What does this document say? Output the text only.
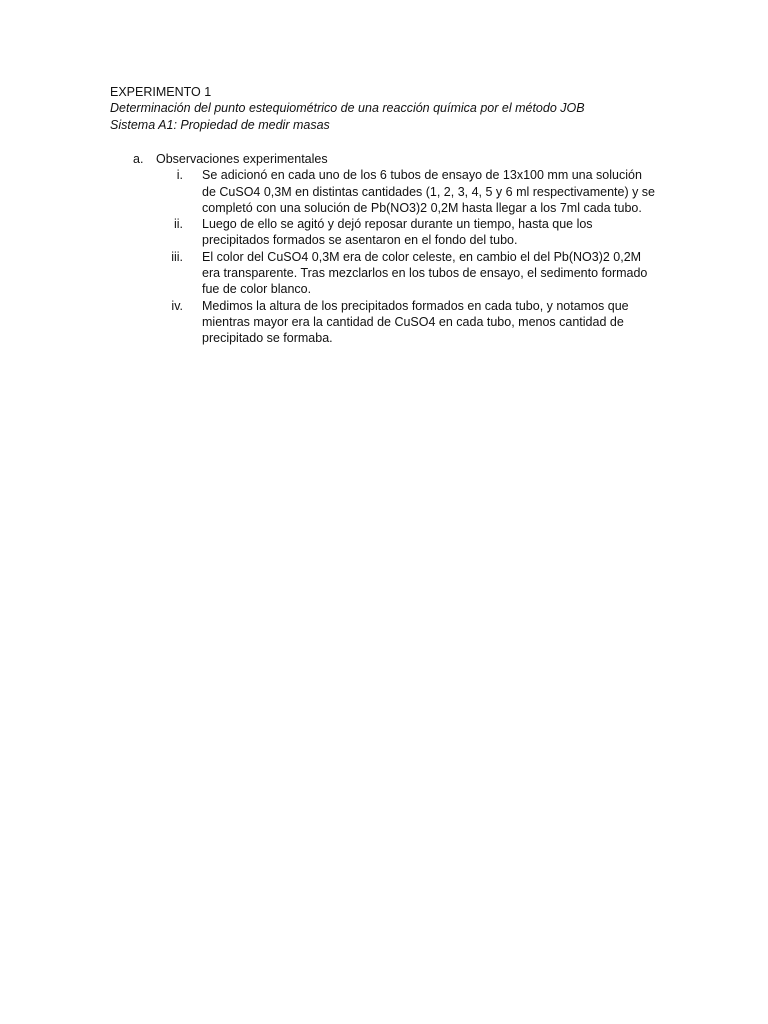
EXPERIMENTO 1

Determinación del punto estequiométrico de una reacción química por el método JOB

Sistema A1: Propiedad de medir masas

a.	Observaciones experimentales
i. Se adicionó en cada uno de los 6 tubos de ensayo de 13x100 mm una solución de CuSO4 0,3M en distintas cantidades (1, 2, 3, 4, 5 y 6 ml respectivamente) y se completó con una solución de Pb(NO3)2 0,2M hasta llegar a los 7ml cada tubo.
ii. Luego de ello se agitó y dejó reposar durante un tiempo, hasta que los precipitados formados se asentaron en el fondo del tubo.
iii. El color del CuSO4 0,3M era de color celeste, en cambio el del Pb(NO3)2 0,2M era transparente. Tras mezclarlos en los tubos de ensayo, el sedimento formado fue de color blanco.
iv. Medimos la altura de los precipitados formados en cada tubo, y notamos que mientras mayor era la cantidad de CuSO4 en cada tubo, menos cantidad de precipitado se formaba.
